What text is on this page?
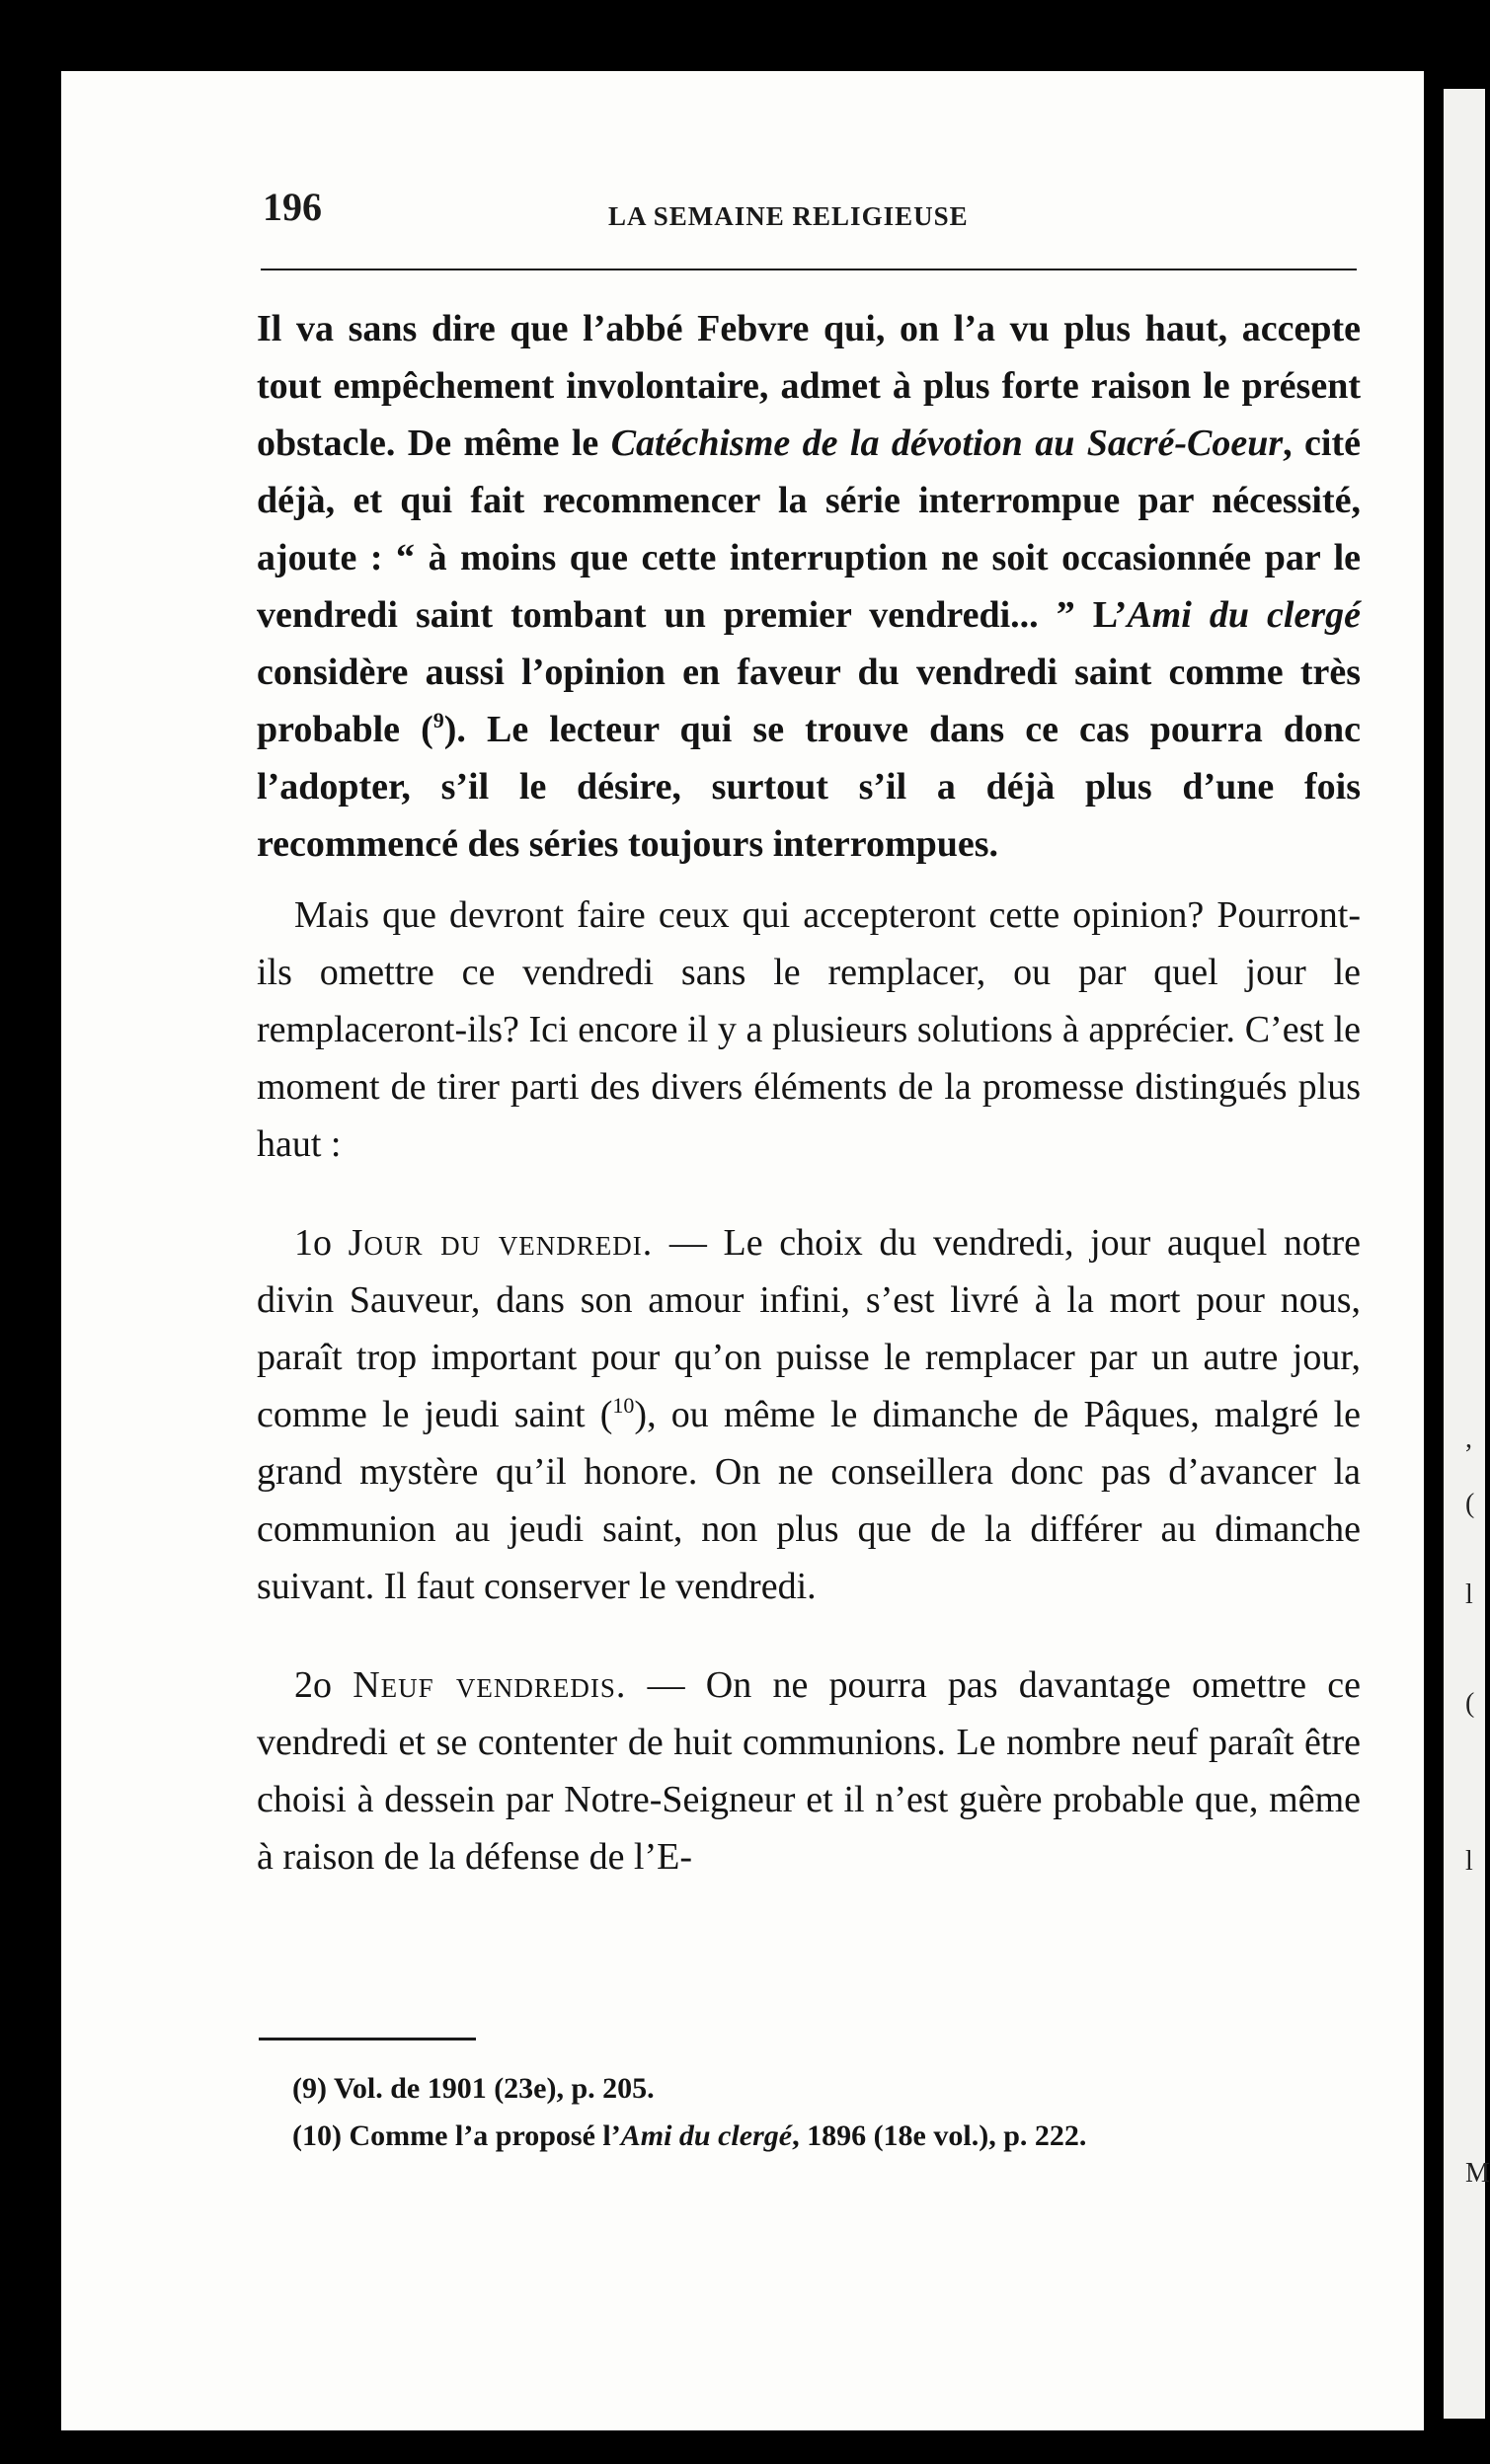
,
(
l
(
l
M
196	LA SEMAINE RELIGIEUSE

Il va sans dire que l’abbé Febvre qui, on l’a vu plus haut, accepte tout empêchement involontaire, admet à plus forte raison le présent obstacle. De même le Catéchisme de la dévotion au Sacré-Coeur, cité déjà, et qui fait recommencer la série interrompue par nécessité, ajoute : “ à moins que cette interruption ne soit occasionnée par le vendredi saint tombant un premier vendredi... ” L’Ami du clergé considère aussi l’opinion en faveur du vendredi saint comme très probable ($^9$). Le lecteur qui se trouve dans ce cas pourra donc l’adopter, s’il le désire, surtout s’il a déjà plus d’une fois recommencé des séries toujours interrompues.

Mais que devront faire ceux qui accepteront cette opinion? Pourront-ils omettre ce vendredi sans le remplacer, ou par quel jour le remplaceront-ils? Ici encore il y a plusieurs solutions à apprécier. C’est le moment de tirer parti des divers éléments de la promesse distingués plus haut :

1o Jour du vendredi. — Le choix du vendredi, jour auquel notre divin Sauveur, dans son amour infini, s’est livré à la mort pour nous, paraît trop important pour qu’on puisse le remplacer par un autre jour, comme le jeudi saint ($^{10}$), ou même le dimanche de Pâques, malgré le grand mystère qu’il honore. On ne conseillera donc pas d’avancer la communion au jeudi saint, non plus que de la différer au dimanche suivant. Il faut conserver le vendredi.

2o Neuf vendredis. — On ne pourra pas davantage omettre ce vendredi et se contenter de huit communions. Le nombre neuf paraît être choisi à dessein par Notre-Seigneur et il n’est guère probable que, même à raison de la défense de l’E-

(9) Vol. de 1901 (23e), p. 205.
(10) Comme l’a proposé l’Ami du clergé, 1896 (18e vol.), p. 222.
